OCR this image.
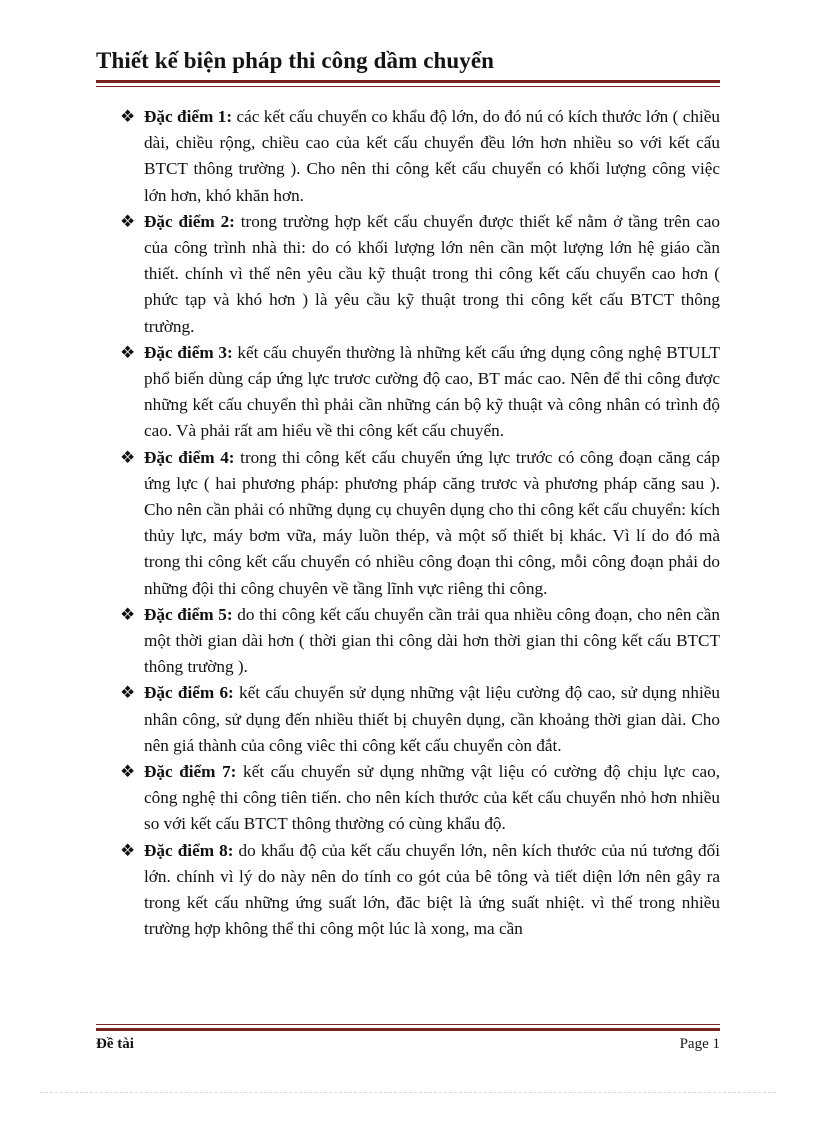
Thiết kế biện pháp thi công dầm chuyển
❖ Đặc điểm 1: các kết cấu chuyển co khẩu độ lớn, do đó nú có kích thước lớn ( chiều dài, chiều rộng, chiều cao của kết cấu chuyển đều lớn hơn nhiều so với kết cấu BTCT thông trường ). Cho nên thi công kết cấu chuyển có khối lượng công việc lớn hơn, khó khăn hơn.
❖ Đặc điểm 2: trong trường hợp kết cấu chuyển được thiết kế nằm ở tầng trên cao của công trình nhà thi: do có khối lượng lớn nên cần một lượng lớn hệ giáo cần thiết. chính vì thế nên yêu cầu kỹ thuật trong thi công kết cấu chuyển cao hơn ( phức tạp và khó hơn ) là yêu cầu kỹ thuật trong thi công kết cấu BTCT thông trường.
❖ Đặc điểm 3: kết cấu chuyển thường là những kết cấu ứng dụng công nghệ BTULT phổ biến dùng cáp ứng lực trươc cường độ cao, BT mác cao. Nên để thi công được những kết cấu chuyển thì phải cần những cán bộ kỹ thuật và công nhân có trình độ cao. Và phải rất am hiểu về thi công kết cấu chuyển.
❖ Đặc điểm 4: trong thi công kết cấu chuyển ứng lực trước có công đoạn căng cáp ứng lực ( hai phương pháp: phương pháp căng trươc và phương pháp căng sau ). Cho nên cần phải có những dụng cụ chuyên dụng cho thi công kết cấu chuyển: kích thủy lực, máy bơm vữa, máy luồn thép, và một số thiết bị khác. Vì lí do đó mà trong thi công kết cấu chuyển có nhiều công đoạn thi công, mỗi công đoạn phải do những đội thi công chuyên về tầng lĩnh vực riêng thi công.
❖ Đặc điểm 5: do thi công kết cấu chuyển cần trải qua nhiều công đoạn, cho nên cần một thời gian dài hơn ( thời gian thi công dài hơn thời gian thi công kết cấu BTCT thông trường ).
❖ Đặc điểm 6: kết cấu chuyển sử dụng những vật liệu cường độ cao, sử dụng nhiều nhân công, sử dụng đến nhiều thiết bị chuyên dụng, cần khoảng thời gian dài. Cho nên giá thành của công viêc thi công kết cấu chuyển còn đắt.
❖ Đặc điểm 7: kết cấu chuyển sử dụng những vật liệu có cường độ chịu lực cao, công nghệ thi công tiên tiến. cho nên kích thước của kết cấu chuyển nhỏ hơn nhiều so với kết cấu BTCT thông thường có cùng khẩu độ.
❖ Đặc điểm 8: do khẩu độ của kết cấu chuyển lớn, nên kích thước của nú tương đối lớn. chính vì lý do này nên do tính co gót của bê tông và tiết diện lớn nên gây ra trong kết cấu những ứng suất lớn, đăc biệt là ứng suất nhiệt. vì thế trong nhiều trường hợp không thể thi công một lúc là xong, ma cần
Đề tài	Page 1
